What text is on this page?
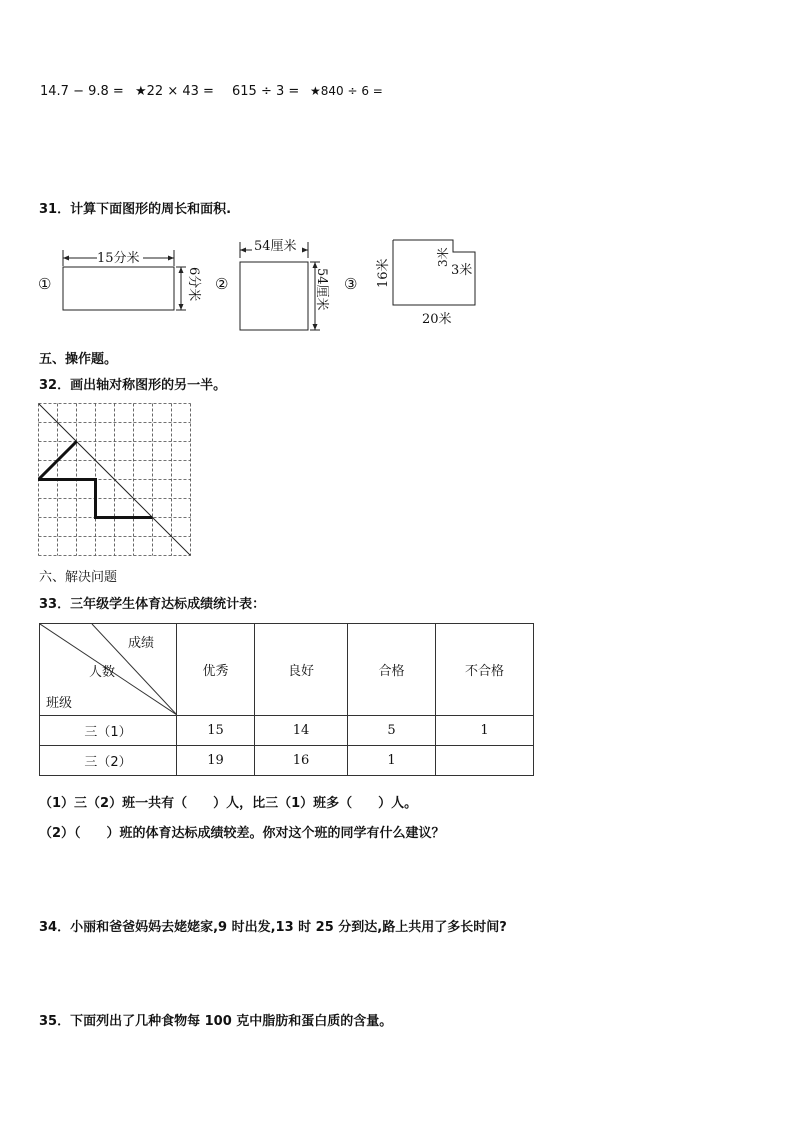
14.7 − 9.8 = ★22 × 43 = 615 ÷ 3 = ★840 ÷ 6 =
31．计算下面图形的周长和面积.
①
15分米
6分米 ②
54厘米
54厘米 ③ 16米
20米
3米
3米
五、操作题。
32．画出轴对称图形的另一半。
六、解决问题
33．三年级学生体育达标成绩统计表：
成绩
人数
班级	优秀	良好	合格	不合格
三（1）	15	14	5	1
三（2）	19	16	1	
（1）三（2）班一共有（　　）人，比三（1）班多（　　）人。
（2）（　　）班的体育达标成绩较差。你对这个班的同学有什么建议？
34．小丽和爸爸妈妈去姥姥家,9 时出发,13 时 25 分到达,路上共用了多长时间?
35．下面列出了几种食物每 100 克中脂肪和蛋白质的含量。
